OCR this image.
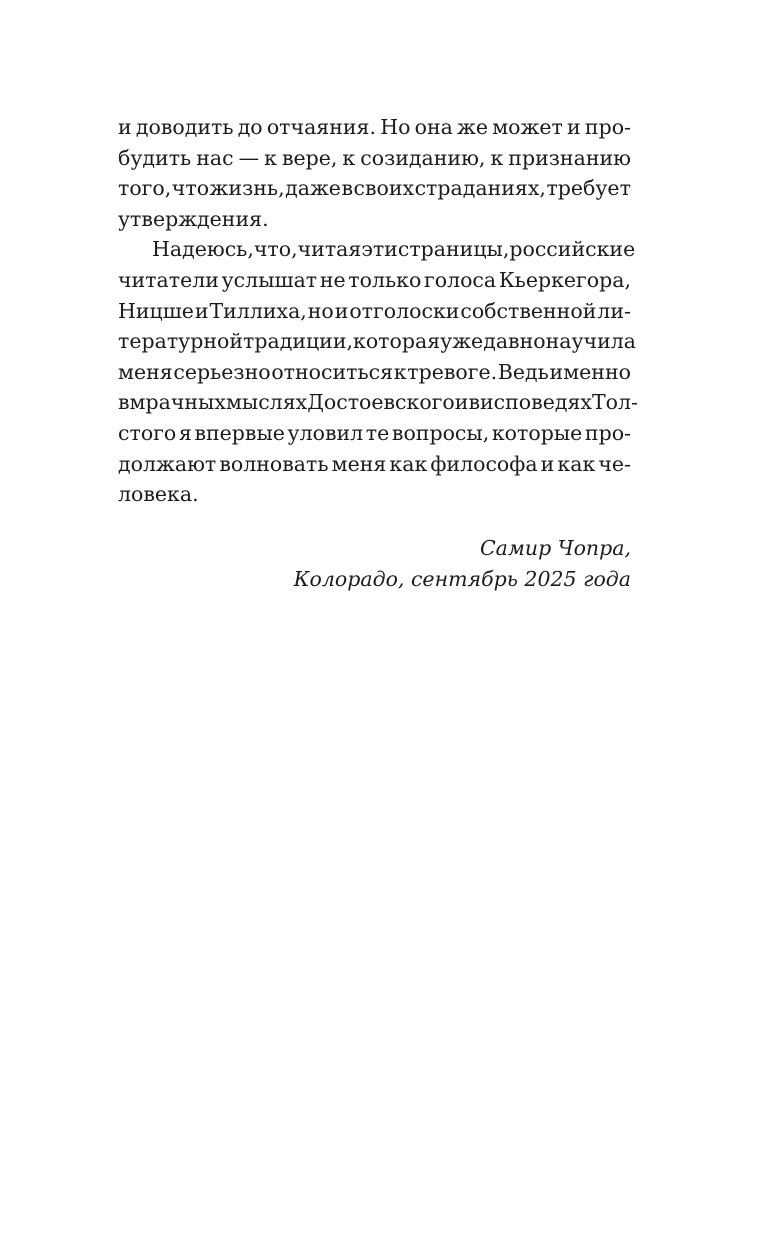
и доводить до отчаяния. Но она же может и про-
будить нас — к вере, к созиданию, к признанию
того, что жизнь, даже в своих страданиях, требует
утверждения.
Надеюсь, что, читая эти страницы, российские
читатели услышат не только голоса Кьеркегора,
Ницше и Тиллиха, но и отголоски собственной ли-
тературной традиции, которая уже давно научила
меня серьезно относиться к тревоге. Ведь именно
в мрачных мыслях Достоевского и в исповедях Тол-
стого я впервые уловил те вопросы, которые про-
должают волновать меня как философа и как че-
ловека.
Самир Чопра,
Колорадо, сентябрь 2025 года
